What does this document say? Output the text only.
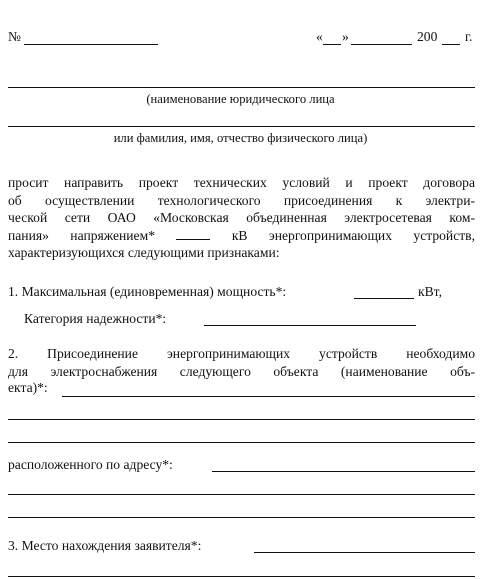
№	« »	200 г.
(наименование юридического лица
или фамилия, имя, отчество физического лица)
просит направить проект технических условий и проект договора
об осуществлении технологического присоединения к электри-
ческой сети ОАО «Московская объединенная электросетевая ком-
пания» напряжением*	кВ энергопринимающих устройств,
характеризующихся следующими признаками:
1. Максимальная (единовременная) мощность*:	кВт,
Категория надежности*:
2. Присоединение энергопринимающих устройств необходимо
для электроснабжения следующего объекта (наименование объ-
екта)*:
расположенного по адресу*:
3. Место нахождения заявителя*:
